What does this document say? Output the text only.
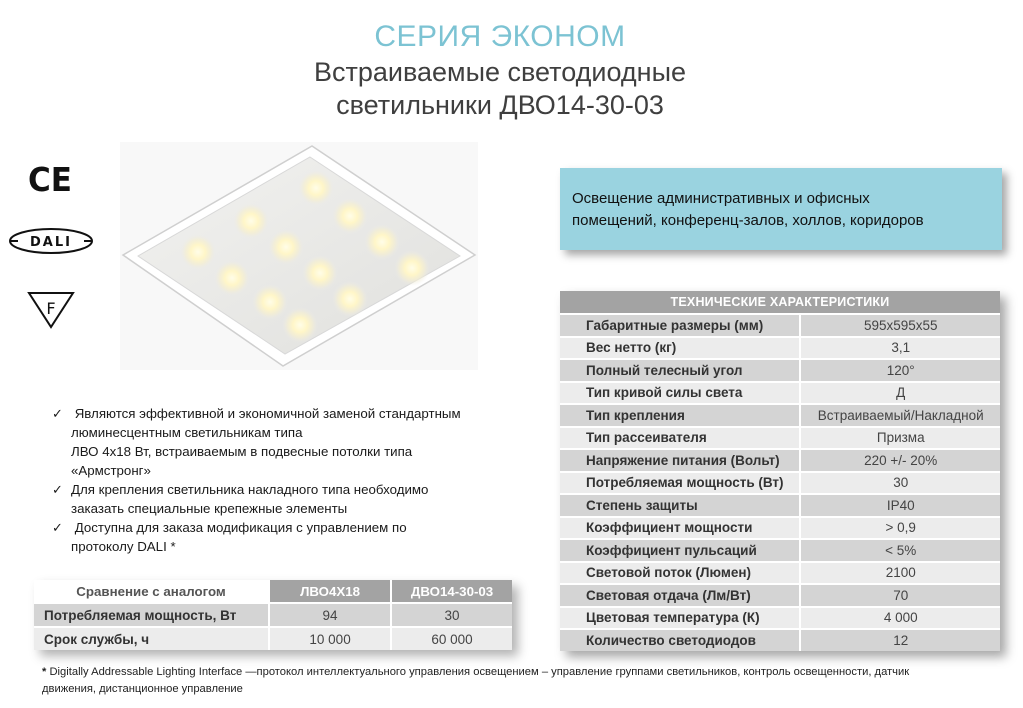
СЕРИЯ ЭКОНОМ
Встраиваемые светодиодные
светильники ДВО14-30-03
CE
DALI
F
Освещение административных и офисных
помещений, конференц-залов, холлов, коридоров
ТЕХНИЧЕСКИЕ ХАРАКТЕРИСТИКИ	
Габаритные размеры (мм)	595х595х55
Вес нетто (кг)	3,1
Полный телесный угол	120°
Тип кривой силы света	Д
Тип крепления	Встраиваемый/Накладной
Тип рассеивателя	Призма
Напряжение питания (Вольт)	220 +/- 20%
Потребляемая мощность (Вт)	30
Степень защиты	IP40
Коэффициент мощности	> 0,9
Коэффициент пульсаций	< 5%
Световой поток (Люмен)	2100
Световая отдача (Лм/Вт)	70
Цветовая температура (К)	4 000
Количество светодиодов	12
✓ Являются эффективной и экономичной заменой стандартным
люминесцентным светильникам типа
ЛВО 4х18 Вт, встраиваемым в подвесные потолки типа
«Армстронг»
✓ Для крепления светильника накладного типа необходимо
заказать специальные крепежные элементы
✓ Доступна для заказа модификация с управлением по
протоколу DALI *
Сравнение с аналогом	ЛВО4Х18	ДВО14-30-03
Потребляемая мощность, Вт	94	30
Срок службы, ч	10 000	60 000
* Digitally Addressable Lighting Interface —протокол интеллектуального управления освещением – управление группами светильников, контроль освещенности, датчик
движения, дистанционное управление
